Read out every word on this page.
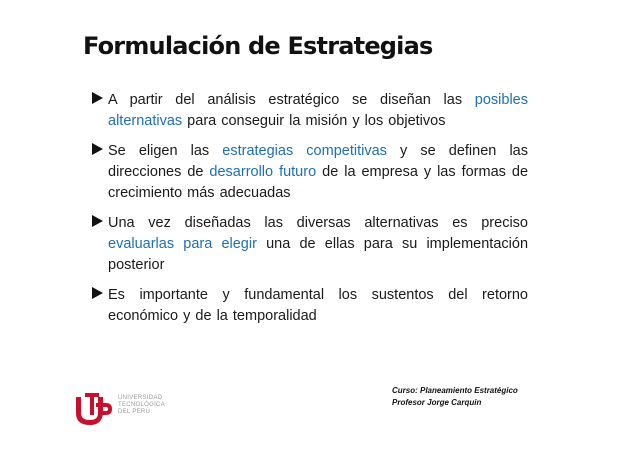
Formulación de Estrategias
A partir del análisis estratégico se diseñan las posibles alternativas para conseguir la misión y los objetivos
Se eligen las estrategias competitivas y se definen las direcciones de desarrollo futuro de la empresa y las formas de crecimiento más adecuadas
Una vez diseñadas las diversas alternativas es preciso evaluarlas para elegir una de ellas para su implementación posterior
Es importante y fundamental los sustentos del retorno económico y de la temporalidad
UNIVERSIDAD
TECNOLÓGICA
DEL PERÚ
Curso: Planeamiento Estratégico
Profesor Jorge Carquin
